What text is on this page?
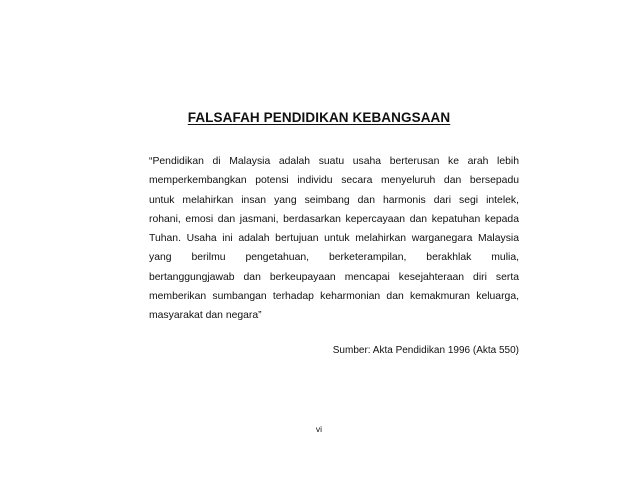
FALSAFAH PENDIDIKAN KEBANGSAAN

“Pendidikan di Malaysia adalah suatu usaha berterusan ke arah lebih
memperkembangkan potensi individu secara menyeluruh dan bersepadu
untuk melahirkan insan yang seimbang dan harmonis dari segi intelek,
rohani, emosi dan jasmani, berdasarkan kepercayaan dan kepatuhan kepada
Tuhan. Usaha ini adalah bertujuan untuk melahirkan warganegara Malaysia
yang berilmu pengetahuan, berketerampilan, berakhlak mulia,
bertanggungjawab dan berkeupayaan mencapai kesejahteraan diri serta
memberikan sumbangan terhadap keharmonian dan kemakmuran keluarga,
masyarakat dan negara”

Sumber: Akta Pendidikan 1996 (Akta 550)
vi
